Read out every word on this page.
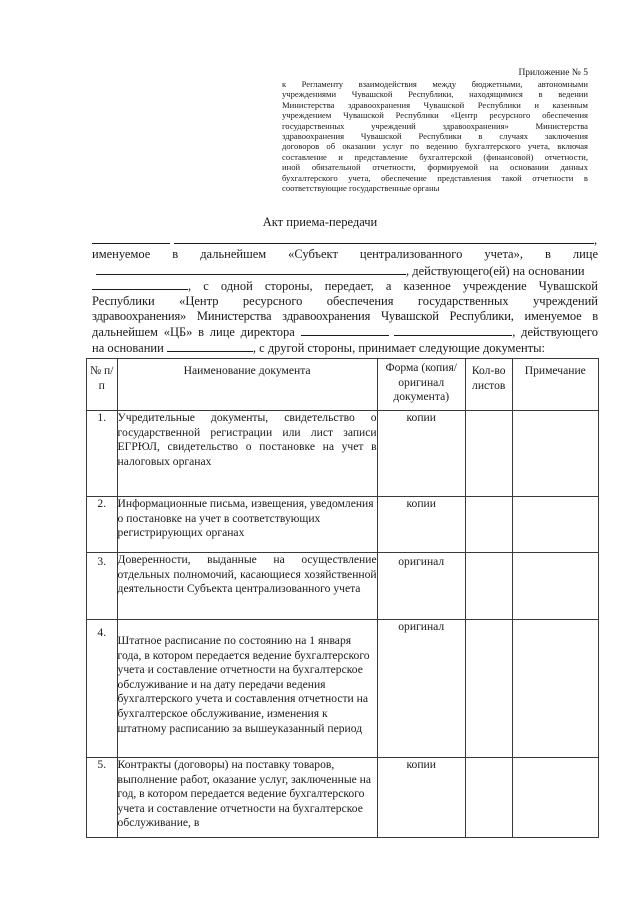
Приложение № 5
к Регламенту взаимодействия между бюджетными, автономными
учреждениями Чувашской Республики, находящимися в ведении
Министерства здравоохранения Чувашской Республики и казенным
учреждением Чувашской Республики «Центр ресурсного обеспечения
государственных учреждений здравоохранения» Министерства
здравоохранения Чувашской Республики в случаях заключения
договоров об оказании услуг по ведению бухгалтерского учета, включая
составление и представление бухгалтерской (финансовой) отчетности,
иной обязательной отчетности, формируемой на основании данных
бухгалтерского учета, обеспечение представления такой отчетности в
соответствующие государственные органы
Акт приема-передачи
,
именуемое в дальнейшем «Субъект централизованного учета», в лице
, действующего(ей) на основании
, с одной стороны, передает, а казенное учреждение Чувашской
Республики «Центр ресурсного обеспечения государственных учреждений
здравоохранения» Министерства здравоохранения Чувашской Республики, именуемое в
дальнейшем «ЦБ» в лице директора	, действующего
на основании	, с другой стороны, принимает следующие документы:
№ п/п	Наименование документа	Форма (копия/оригинал документа)	Кол-во листов	Примечание

1.	Учредительные документы, свидетельство о государственной регистрации или лист записи ЕГРЮЛ, свидетельство о постановке на учет в налоговых органах	копии		
2.	Информационные письма, извещения, уведомления о постановке на учет в соответствующих регистрирующих органах	копии		
3.	Доверенности, выданные на осуществление отдельных полномочий, касающиеся хозяйственной деятельности Субъекта централизованного учета	оригинал		
4.	Штатное расписание по состоянию на 1 января года, в котором передается ведение бухгалтерского учета и составление отчетности на бухгалтерское обслуживание и на дату передачи ведения бухгалтерского учета и составления отчетности на бухгалтерское обслуживание, изменения к штатному расписанию за вышеуказанный период	оригинал		
5.	Контракты (договоры) на поставку товаров, выполнение работ, оказание услуг, заключенные на год, в котором передается ведение бухгалтерского учета и составление отчетности на бухгалтерское обслуживание, в	копии		
